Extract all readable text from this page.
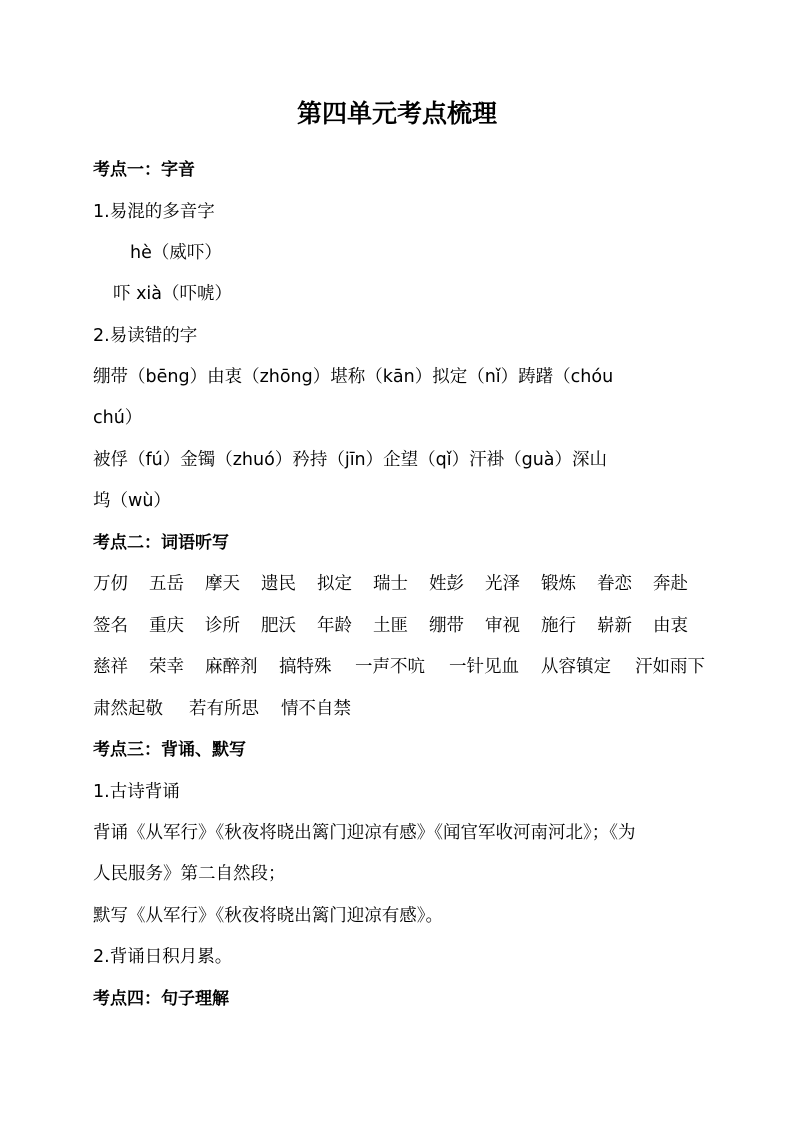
第四单元考点梳理
考点一：字音
1.易混的多音字
hè（威吓）
吓 xià（吓唬）
2.易读错的字
绷带（bēng）由衷（zhōng）堪称（kān）拟定（nǐ）踌躇（chóu
chú）
被俘（fú）金镯（zhuó）矜持（jīn）企望（qǐ）汗褂（guà）深山
坞（wù）
考点二：词语听写
万仞 五岳 摩天 遗民 拟定 瑞士 姓彭 光泽 锻炼 眷恋 奔赴
签名 重庆 诊所 肥沃 年龄 土匪 绷带 审视 施行 崭新 由衷
慈祥 荣幸 麻醉剂 搞特殊 一声不吭 一针见血 从容镇定 汗如雨下
肃然起敬 若有所思 情不自禁
考点三：背诵、默写
1.古诗背诵
背诵《从军行》《秋夜将晓出篱门迎凉有感》《闻官军收河南河北》；《为
人民服务》第二自然段；
默写《从军行》《秋夜将晓出篱门迎凉有感》。
2.背诵日积月累。
考点四：句子理解
